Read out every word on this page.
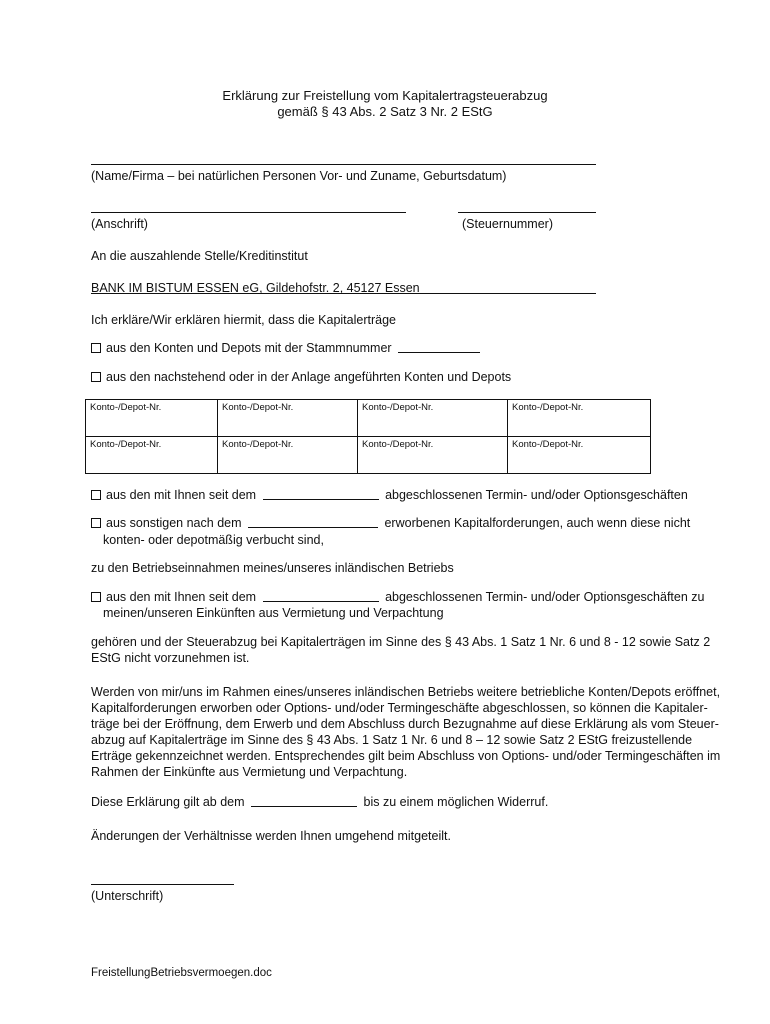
Erklärung zur Freistellung vom Kapitalertragsteuerabzug
gemäß § 43 Abs. 2 Satz 3 Nr. 2 EStG
(Name/Firma – bei natürlichen Personen Vor- und Zuname, Geburtsdatum)
(Anschrift)	(Steuernummer)
An die auszahlende Stelle/Kreditinstitut
BANK IM BISTUM ESSEN eG, Gildehofstr. 2, 45127 Essen
Ich erkläre/Wir erklären hiermit, dass die Kapitalerträge
aus den Konten und Depots mit der Stammnummer
aus den nachstehend oder in der Anlage angeführten Konten und Depots
Konto-/Depot-Nr.	Konto-/Depot-Nr.	Konto-/Depot-Nr.	Konto-/Depot-Nr.
Konto-/Depot-Nr.	Konto-/Depot-Nr.	Konto-/Depot-Nr.	Konto-/Depot-Nr.
aus den mit Ihnen seit dem	abgeschlossenen Termin- und/oder Optionsgeschäften
aus sonstigen nach dem	erworbenen Kapitalforderungen, auch wenn diese nicht
konten- oder depotmäßig verbucht sind,
zu den Betriebseinnahmen meines/unseres inländischen Betriebs
aus den mit Ihnen seit dem	abgeschlossenen Termin- und/oder Optionsgeschäften zu
meinen/unseren Einkünften aus Vermietung und Verpachtung
gehören und der Steuerabzug bei Kapitalerträgen im Sinne des § 43 Abs. 1 Satz 1 Nr. 6 und 8 - 12 sowie Satz 2
EStG nicht vorzunehmen ist.
Werden von mir/uns im Rahmen eines/unseres inländischen Betriebs weitere betriebliche Konten/Depots eröffnet,
Kapitalforderungen erworben oder Options- und/oder Termingeschäfte abgeschlossen, so können die Kapitaler-
träge bei der Eröffnung, dem Erwerb und dem Abschluss durch Bezugnahme auf diese Erklärung als vom Steuer-
abzug auf Kapitalerträge im Sinne des § 43 Abs. 1 Satz 1 Nr. 6 und 8 – 12 sowie Satz 2 EStG freizustellende
Erträge gekennzeichnet werden. Entsprechendes gilt beim Abschluss von Options- und/oder Termingeschäften im
Rahmen der Einkünfte aus Vermietung und Verpachtung.
Diese Erklärung gilt ab dem	bis zu einem möglichen Widerruf.
Änderungen der Verhältnisse werden Ihnen umgehend mitgeteilt.
(Unterschrift)
FreistellungBetriebsvermoegen.doc
